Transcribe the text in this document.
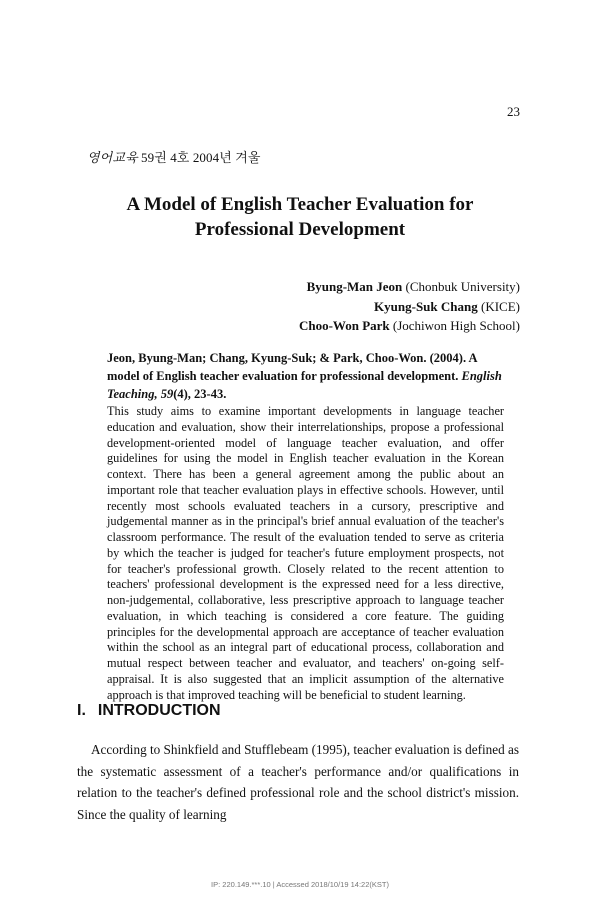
23
영어교육 59권 4호 2004년 겨울
A Model of English Teacher Evaluation for
Professional Development
Byung-Man Jeon (Chonbuk University)
Kyung-Suk Chang (KICE)
Choo-Won Park (Jochiwon High School)
Jeon, Byung-Man; Chang, Kyung-Suk; & Park, Choo-Won. (2004). A model of English teacher evaluation for professional development. English Teaching, 59(4), 23-43.

This study aims to examine important developments in language teacher education and evaluation, show their interrelationships, propose a professional development-oriented model of language teacher evaluation, and offer guidelines for using the model in English teacher evaluation in the Korean context. There has been a general agreement among the public about an important role that teacher evaluation plays in effective schools. However, until recently most schools evaluated teachers in a cursory, prescriptive and judgemental manner as in the principal's brief annual evaluation of the teacher's classroom performance. The result of the evaluation tended to serve as criteria by which the teacher is judged for teacher's future employment prospects, not for teacher's professional growth. Closely related to the recent attention to teachers' professional development is the expressed need for a less directive, non-judgemental, collaborative, less prescriptive approach to language teacher evaluation, in which teaching is considered a core feature. The guiding principles for the developmental approach are acceptance of teacher evaluation within the school as an integral part of educational process, collaboration and mutual respect between teacher and evaluator, and teachers' on-going self-appraisal. It is also suggested that an implicit assumption of the alternative approach is that improved teaching will be beneficial to student learning.

I. INTRODUCTION

According to Shinkfield and Stufflebeam (1995), teacher evaluation is defined as the systematic assessment of a teacher's performance and/or qualifications in relation to the teacher's defined professional role and the school district's mission. Since the quality of learning

IP: 220.149.***.10 | Accessed 2018/10/19 14:22(KST)
